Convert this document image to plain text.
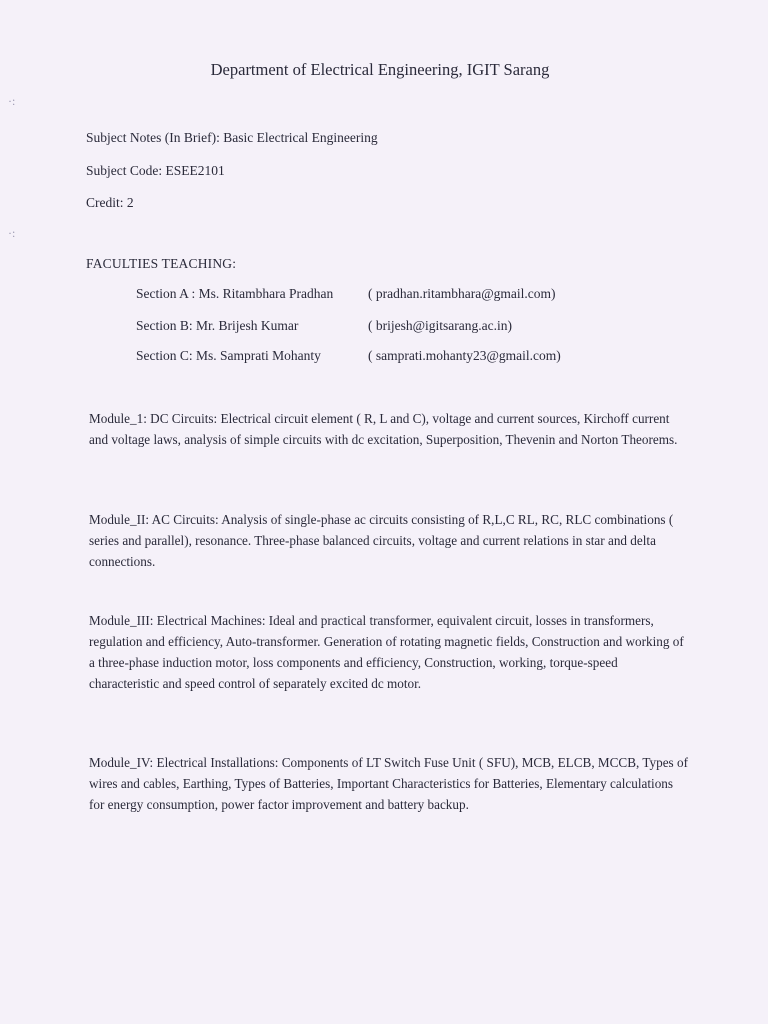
·:
·:
Department of Electrical Engineering, IGIT Sarang
Subject Notes (In Brief): Basic Electrical Engineering
Subject Code: ESEE2101
Credit: 2
FACULTIES TEACHING:
Section A : Ms. Ritambhara Pradhan	( pradhan.ritambhara@gmail.com)
Section B: Mr. Brijesh Kumar	( brijesh@igitsarang.ac.in)
Section C: Ms. Samprati Mohanty	( samprati.mohanty23@gmail.com)
Module_1: DC Circuits: Electrical circuit element ( R, L and C), voltage and current sources, Kirchoff current and voltage laws, analysis of simple circuits with dc excitation, Superposition, Thevenin and Norton Theorems.
Module_II: AC Circuits: Analysis of single-phase ac circuits consisting of R,L,C RL, RC, RLC combinations ( series and parallel), resonance. Three-phase balanced circuits, voltage and current relations in star and delta connections.
Module_III: Electrical Machines: Ideal and practical transformer, equivalent circuit, losses in transformers, regulation and efficiency, Auto-transformer. Generation of rotating magnetic fields, Construction and working of a three-phase induction motor, loss components and efficiency, Construction, working, torque-speed characteristic and speed control of separately excited dc motor.
Module_IV: Electrical Installations: Components of LT Switch Fuse Unit ( SFU), MCB, ELCB, MCCB, Types of wires and cables, Earthing, Types of Batteries, Important Characteristics for Batteries, Elementary calculations for energy consumption, power factor improvement and battery backup.
